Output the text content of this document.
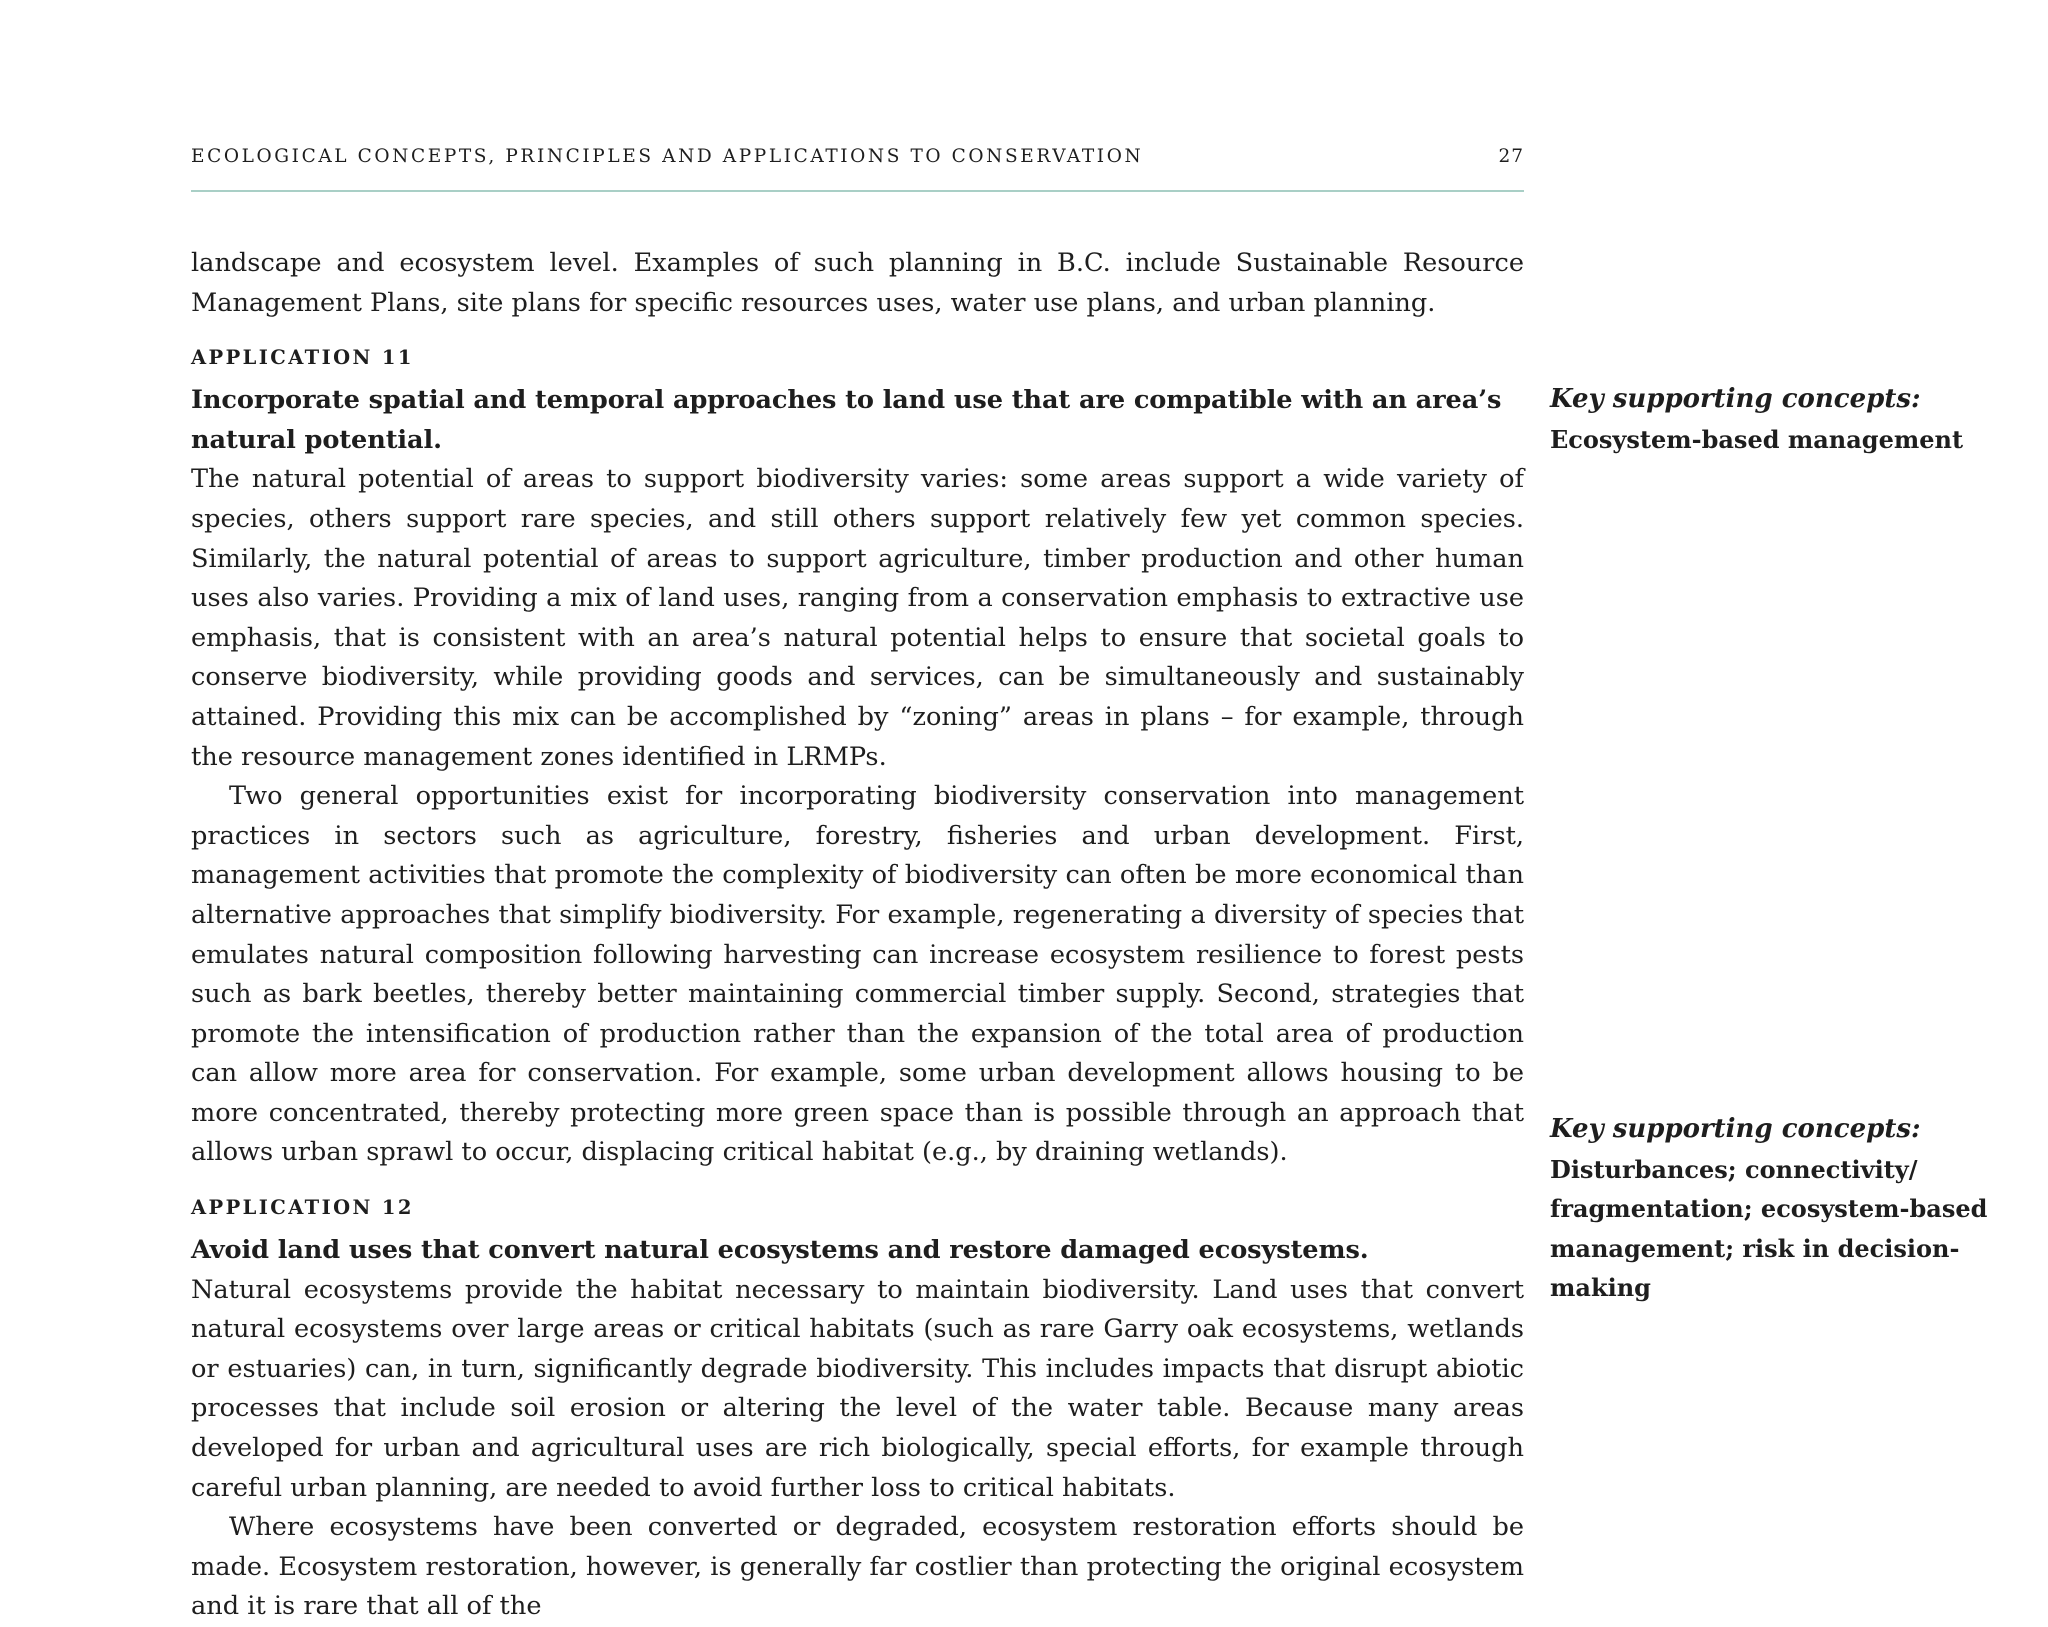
ECOLOGICAL CONCEPTS, PRINCIPLES AND APPLICATIONS TO CONSERVATION	27

landscape and ecosystem level. Examples of such planning in B.C. include Sustainable Resource Management Plans, site plans for specific resources uses, water use plans, and urban planning.

APPLICATION 11

Incorporate spatial and temporal approaches to land use that are compatible with an area’s natural potential.

The natural potential of areas to support biodiversity varies: some areas support a wide variety of species, others support rare species, and still others support relatively few yet common species. Similarly, the natural potential of areas to support agriculture, timber production and other human uses also varies. Providing a mix of land uses, ranging from a conservation emphasis to extractive use emphasis, that is consistent with an area’s natural potential helps to ensure that societal goals to conserve biodiversity, while providing goods and services, can be simultaneously and sustainably attained. Providing this mix can be accomplished by “zoning” areas in plans – for example, through the resource management zones identified in LRMPs.

Two general opportunities exist for incorporating biodiversity conservation into management practices in sectors such as agriculture, forestry, fisheries and urban development. First, management activities that promote the complexity of biodiversity can often be more economical than alternative approaches that simplify biodiversity. For example, regenerating a diversity of species that emulates natural composition following harvesting can increase ecosystem resilience to forest pests such as bark beetles, thereby better maintaining commercial timber supply. Second, strategies that promote the intensification of production rather than the expansion of the total area of production can allow more area for conservation. For example, some urban development allows housing to be more concentrated, thereby protecting more green space than is possible through an approach that allows urban sprawl to occur, displacing critical habitat (e.g., by draining wetlands).

APPLICATION 12

Avoid land uses that convert natural ecosystems and restore damaged ecosystems.

Natural ecosystems provide the habitat necessary to maintain biodiversity. Land uses that convert natural ecosystems over large areas or critical habitats (such as rare Garry oak ecosystems, wetlands or estuaries) can, in turn, significantly degrade biodiversity. This includes impacts that disrupt abiotic processes that include soil erosion or altering the level of the water table. Because many areas developed for urban and agricultural uses are rich biologically, special efforts, for example through careful urban planning, are needed to avoid further loss to critical habitats.

Where ecosystems have been converted or degraded, ecosystem restoration efforts should be made. Ecosystem restoration, however, is generally far costlier than protecting the original ecosystem and it is rare that all of the

Key supporting concepts:
Ecosystem-based management
Key supporting concepts:
Disturbances; connectivity/
fragmentation; ecosystem-based
management; risk in decision-making
